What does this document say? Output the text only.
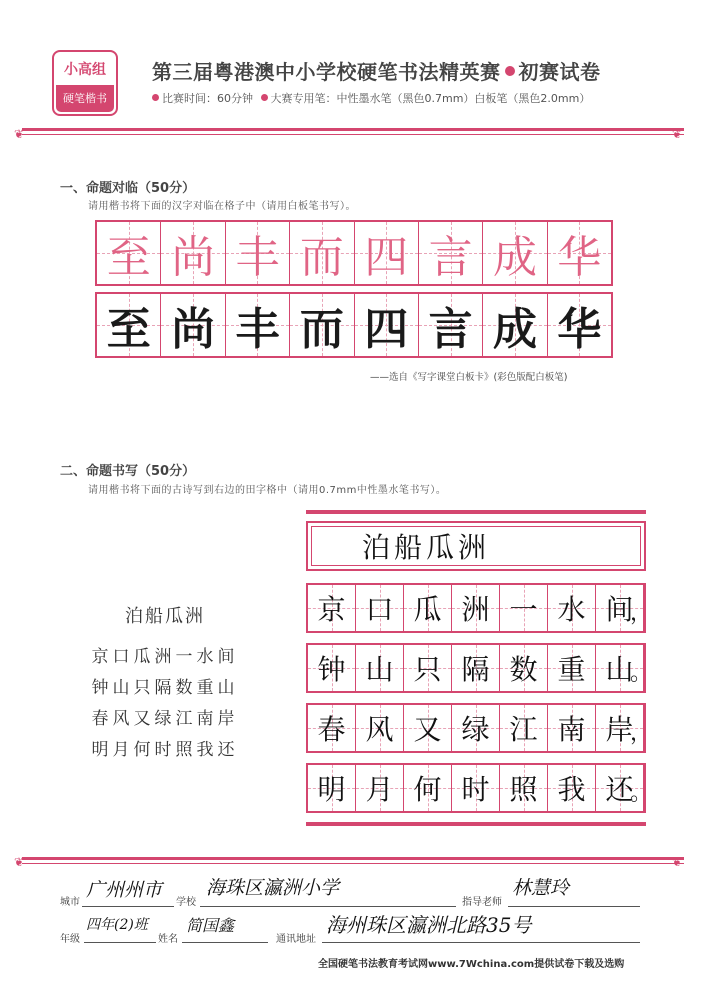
小高组
硬笔楷书
第三届粤港澳中小学校硬笔书法精英赛 初赛试卷
比赛时间：60分钟 大赛专用笔：中性墨水笔（黑色0.7mm）白板笔（黑色2.0mm）
❦	❦
一、命题对临（50分）
请用楷书将下面的汉字对临在格子中（请用白板笔书写）。
至 尚 丰 而 四 言 成 华
至 尚 丰 而 四 言 成 华
——选自《写字课堂白板卡》(彩色版配白板笔)
二、命题书写（50分）
请用楷书将下面的古诗写到右边的田字格中（请用0.7mm中性墨水笔书写）。
泊船瓜洲
京口瓜洲一水间
钟山只隔数重山
春风又绿江南岸
明月何时照我还
泊船瓜洲
京 口 瓜 洲 一 水 间
，
钟 山 只 隔 数 重 山
。
春 风 又 绿 江 南 岸
，
明 月 何 时 照 我 还
。
❦	❦
城市
广州州市
学校
海珠区瀛洲小学
指导老师
林慧玲
年级
四年(2)班
姓名
简国鑫
通讯地址
海州珠区瀛洲北路35号
全国硬笔书法教育考试网www.7Wchina.com提供试卷下载及选购
